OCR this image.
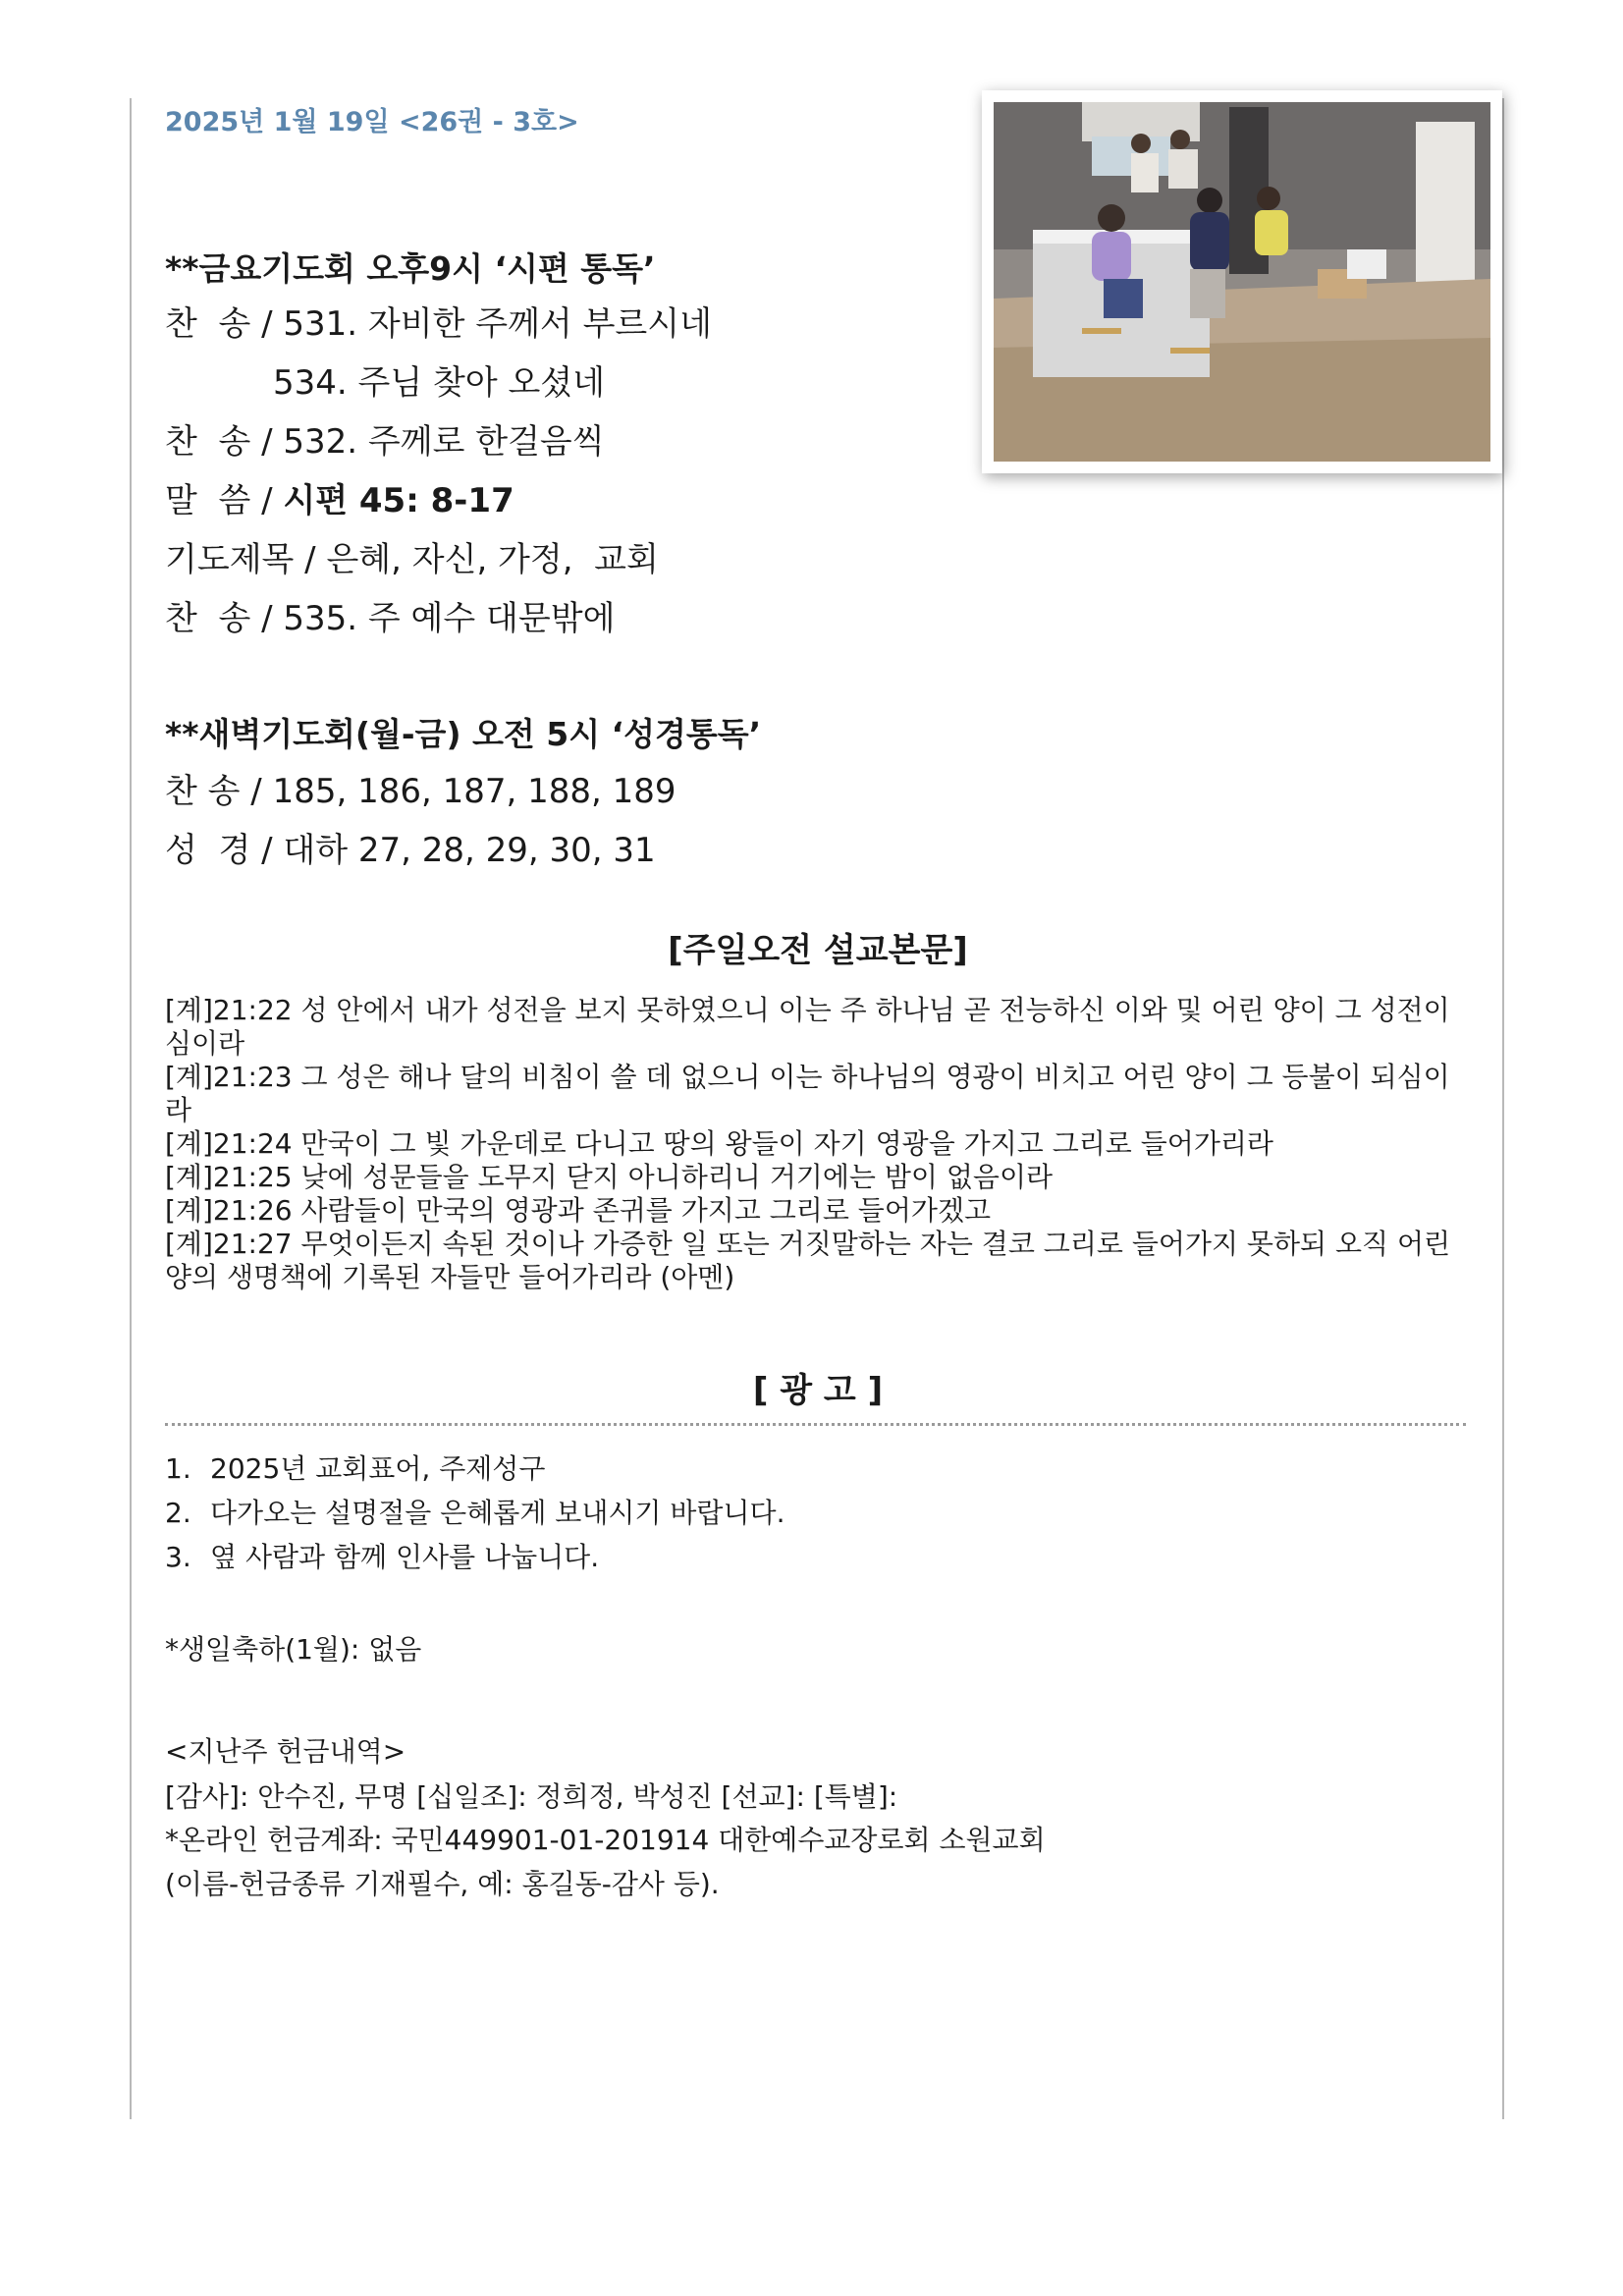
2025년 1월 19일 <26권 - 3호>
**금요기도회 오후9시 ‘시편 통독’
찬  송 / 531. 자비한 주께서 부르시네
534. 주님 찾아 오셨네
찬  송 / 532. 주께로 한걸음씩
말  씀 / 시편 45: 8-17
기도제목 / 은혜, 자신, 가정,  교회
찬  송 / 535. 주 예수 대문밖에
**새벽기도회(월-금) 오전 5시 ‘성경통독’
찬 송 / 185, 186, 187, 188, 189
성  경 / 대하 27, 28, 29, 30, 31
[주일오전 설교본문]

[계]21:22 성 안에서 내가 성전을 보지 못하였으니 이는 주 하나님 곧 전능하신 이와 및 어린 양이 그 성전이심이라

[계]21:23 그 성은 해나 달의 비침이 쓸 데 없으니 이는 하나님의 영광이 비치고 어린 양이 그 등불이 되심이라

[계]21:24 만국이 그 빛 가운데로 다니고 땅의 왕들이 자기 영광을 가지고 그리로 들어가리라

[계]21:25 낮에 성문들을 도무지 닫지 아니하리니 거기에는 밤이 없음이라

[계]21:26 사람들이 만국의 영광과 존귀를 가지고 그리로 들어가겠고

[계]21:27 무엇이든지 속된 것이나 가증한 일 또는 거짓말하는 자는 결코 그리로 들어가지 못하되 오직 어린 양의 생명책에 기록된 자들만 들어가리라 (아멘)

[ 광 고 ]
1. 2025년 교회표어, 주제성구
2. 다가오는 설명절을 은혜롭게 보내시기 바랍니다.
3. 옆 사람과 함께 인사를 나눕니다.
*생일축하(1월): 없음
<지난주 헌금내역>
[감사]: 안수진, 무명 [십일조]: 정희정, 박성진 [선교]: [특별]:
*온라인 헌금계좌: 국민449901-01-201914 대한예수교장로회 소원교회
(이름-헌금종류 기재필수, 예: 홍길동-감사 등).
